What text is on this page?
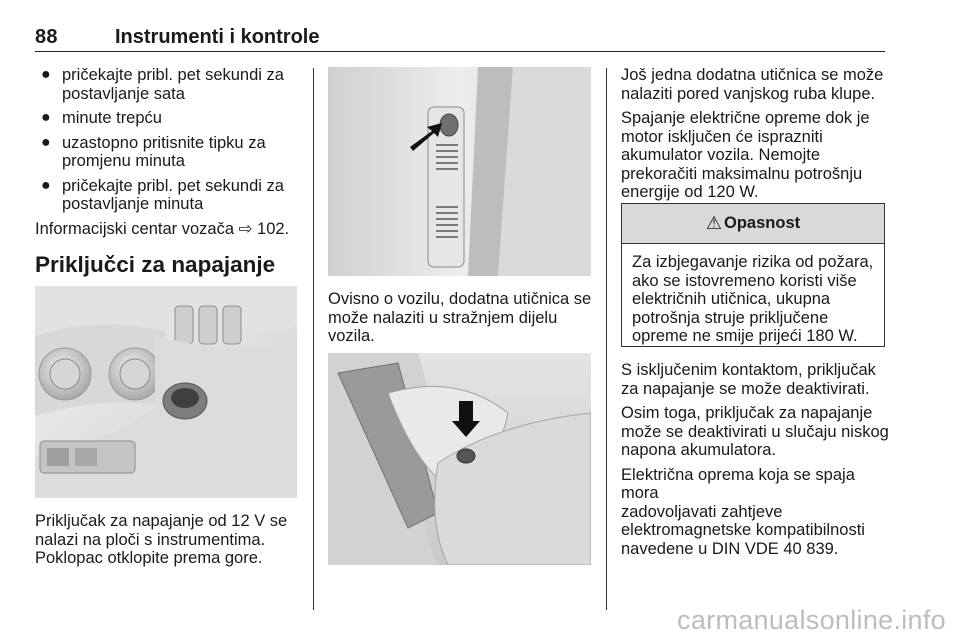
88	Instrumenti i kontrole
● pričekajte pribl. pet sekundi za postavljanje sata
● minute trepću
● uzastopno pritisnite tipku za promjenu minuta
● pričekajte pribl. pet sekundi za postavljanje minuta
Informacijski centar vozača ⇨ 102.
Priključci za napajanje
Priključak za napajanje od 12 V se
nalazi na ploči s instrumentima.
Poklopac otklopite prema gore.
Ovisno o vozilu, dodatna utičnica se
može nalaziti u stražnjem dijelu
vozila.
Još jedna dodatna utičnica se može
nalaziti pored vanjskog ruba klupe.
Spajanje električne opreme dok je
motor isključen će isprazniti
akumulator vozila. Nemojte
prekoračiti maksimalnu potrošnju
energije od 120 W.
⚠ Opasnost
Za izbjegavanje rizika od požara,
ako se istovremeno koristi više
električnih utičnica, ukupna
potrošnja struje priključene
opreme ne smije prijeći 180 W.
S isključenim kontaktom, priključak
za napajanje se može deaktivirati.
Osim toga, priključak za napajanje
može se deaktivirati u slučaju niskog
napona akumulatora.
Električna oprema koja se spaja mora
zadovoljavati zahtjeve
elektromagnetske kompatibilnosti
navedene u DIN VDE 40 839.
carmanualsonline.info
